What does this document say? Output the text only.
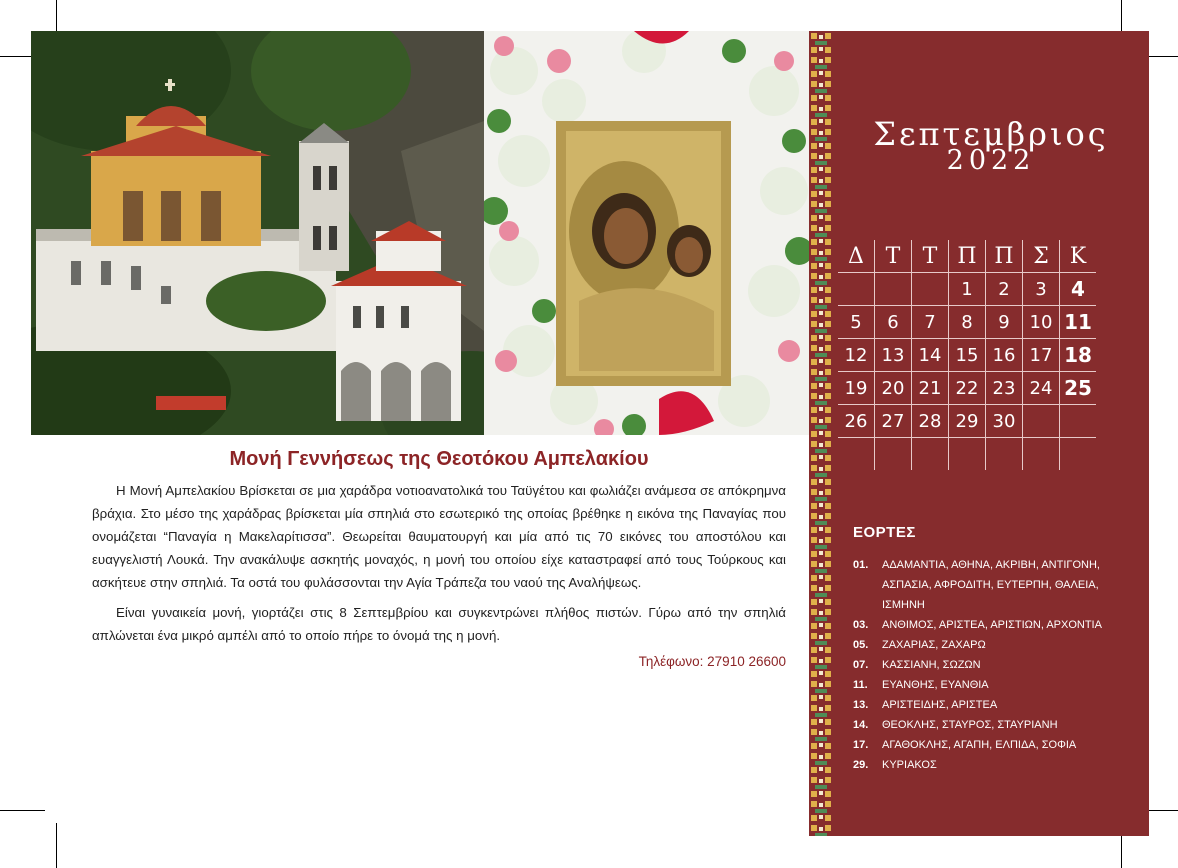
Μονή Γεννήσεως της Θεοτόκου Αμπελακίου

Η Μονή Αμπελακίου Βρίσκεται σε μια χαράδρα νοτιοανατολικά του Ταϋγέτου και φωλιάζει ανάμεσα σε απόκρημνα βράχια. Στο μέσο της χαράδρας βρίσκεται μία σπηλιά στο εσωτερικό της οποίας βρέθηκε η εικόνα της Παναγίας που ονομάζεται “Παναγία η Μακελαρίτισσα”. Θεωρείται θαυματουργή και μία από τις 70 εικόνες του αποστόλου και ευαγγελιστή Λουκά. Την ανακάλυψε ασκητής μοναχός, η μονή του οποίου είχε καταστραφεί από τους Τούρκους και ασκήτευε στην σπηλιά. Τα οστά του φυλάσσονται την Αγία Τράπεζα του ναού της Αναλήψεως.

Είναι γυναικεία μονή, γιορτάζει στις 8 Σεπτεμβρίου και συγκεντρώνει πλήθος πιστών. Γύρω από την σπηλιά απλώνεται ένα μικρό αμπέλι από το οποίο πήρε το όνομά της η μονή.

Τηλέφωνο: 27910 26600
Σεπτεμβριος
2022
Δ	Τ	Τ	Π	Π	Σ	Κ
			1	2	3	4
5	6	7	8	9	10	11
12	13	14	15	16	17	18
19	20	21	22	23	24	25
26	27	28	29	30		

ΕΟΡΤΕΣ
01.	ΑΔΑΜΑΝΤΙΑ, ΑΘΗΝΑ, ΑΚΡΙΒΗ, ΑΝΤΙΓΟΝΗ,
ΑΣΠΑΣΙΑ, ΑΦΡΟΔΙΤΗ, ΕΥΤΕΡΠΗ, ΘΑΛΕΙΑ, ΙΣΜΗΝΗ
03.	ΑΝΘΙΜΟΣ, ΑΡΙΣΤΕΑ, ΑΡΙΣΤΙΩΝ, ΑΡΧΟΝΤΙΑ
05.	ΖΑΧΑΡΙΑΣ, ΖΑΧΑΡΩ
07.	ΚΑΣΣΙΑΝΗ, ΣΩΖΩΝ
11.	ΕΥΑΝΘΗΣ, ΕΥΑΝΘΙΑ
13.	ΑΡΙΣΤΕΙΔΗΣ, ΑΡΙΣΤΕΑ
14.	ΘΕΟΚΛΗΣ, ΣΤΑΥΡΟΣ, ΣΤΑΥΡΙΑΝΗ
17.	ΑΓΑΘΟΚΛΗΣ, ΑΓΑΠΗ, ΕΛΠΙΔΑ, ΣΟΦΙΑ
29.	ΚΥΡΙΑΚΟΣ
